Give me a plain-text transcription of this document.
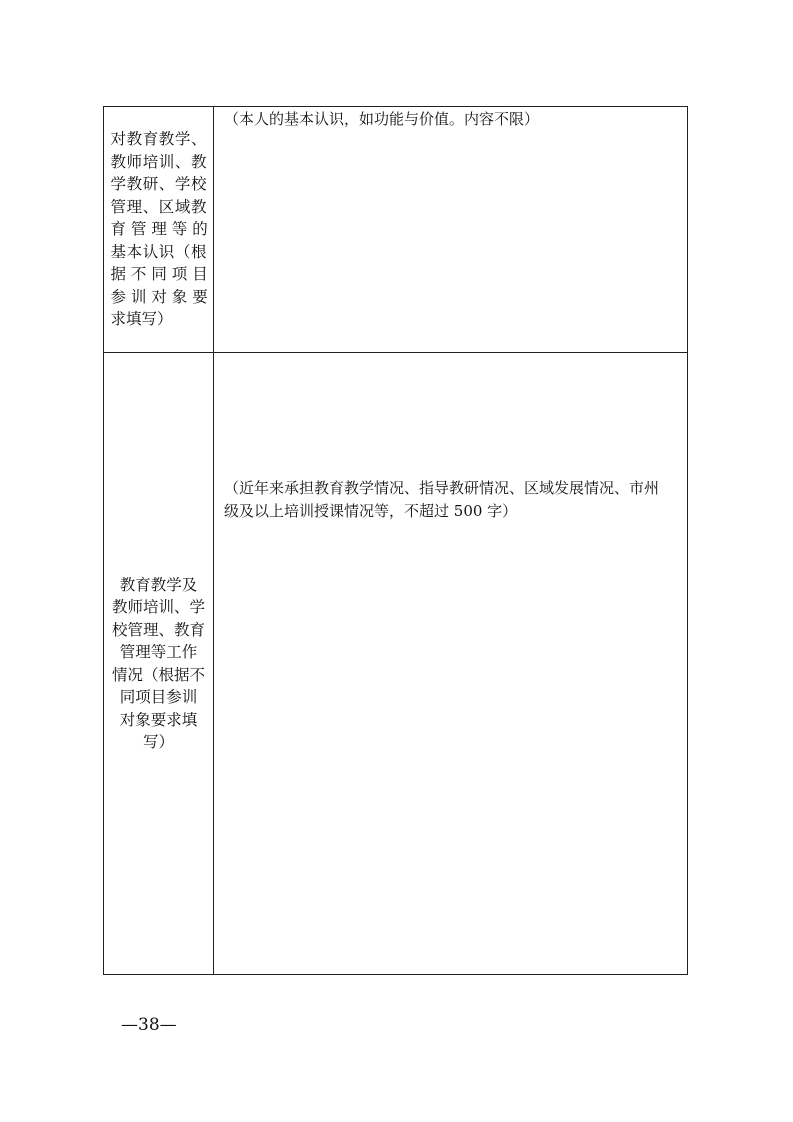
对教育教学、
教师培训、教
学教研、学校
管理、区域教
育 管 理 等 的
基本认识（根
据 不 同 项 目
参 训 对 象 要
求填写）

（本人的基本认识，如功能与价值。内容不限）

教育教学及
教师培训、学
校管理、教育
管理等工作
情况（根据不
同项目参训
对象要求填
写）

（近年来承担教育教学情况、指导教研情况、区域发展情况、市州
级及以上培训授课情况等，不超过 500 字）

—38—
